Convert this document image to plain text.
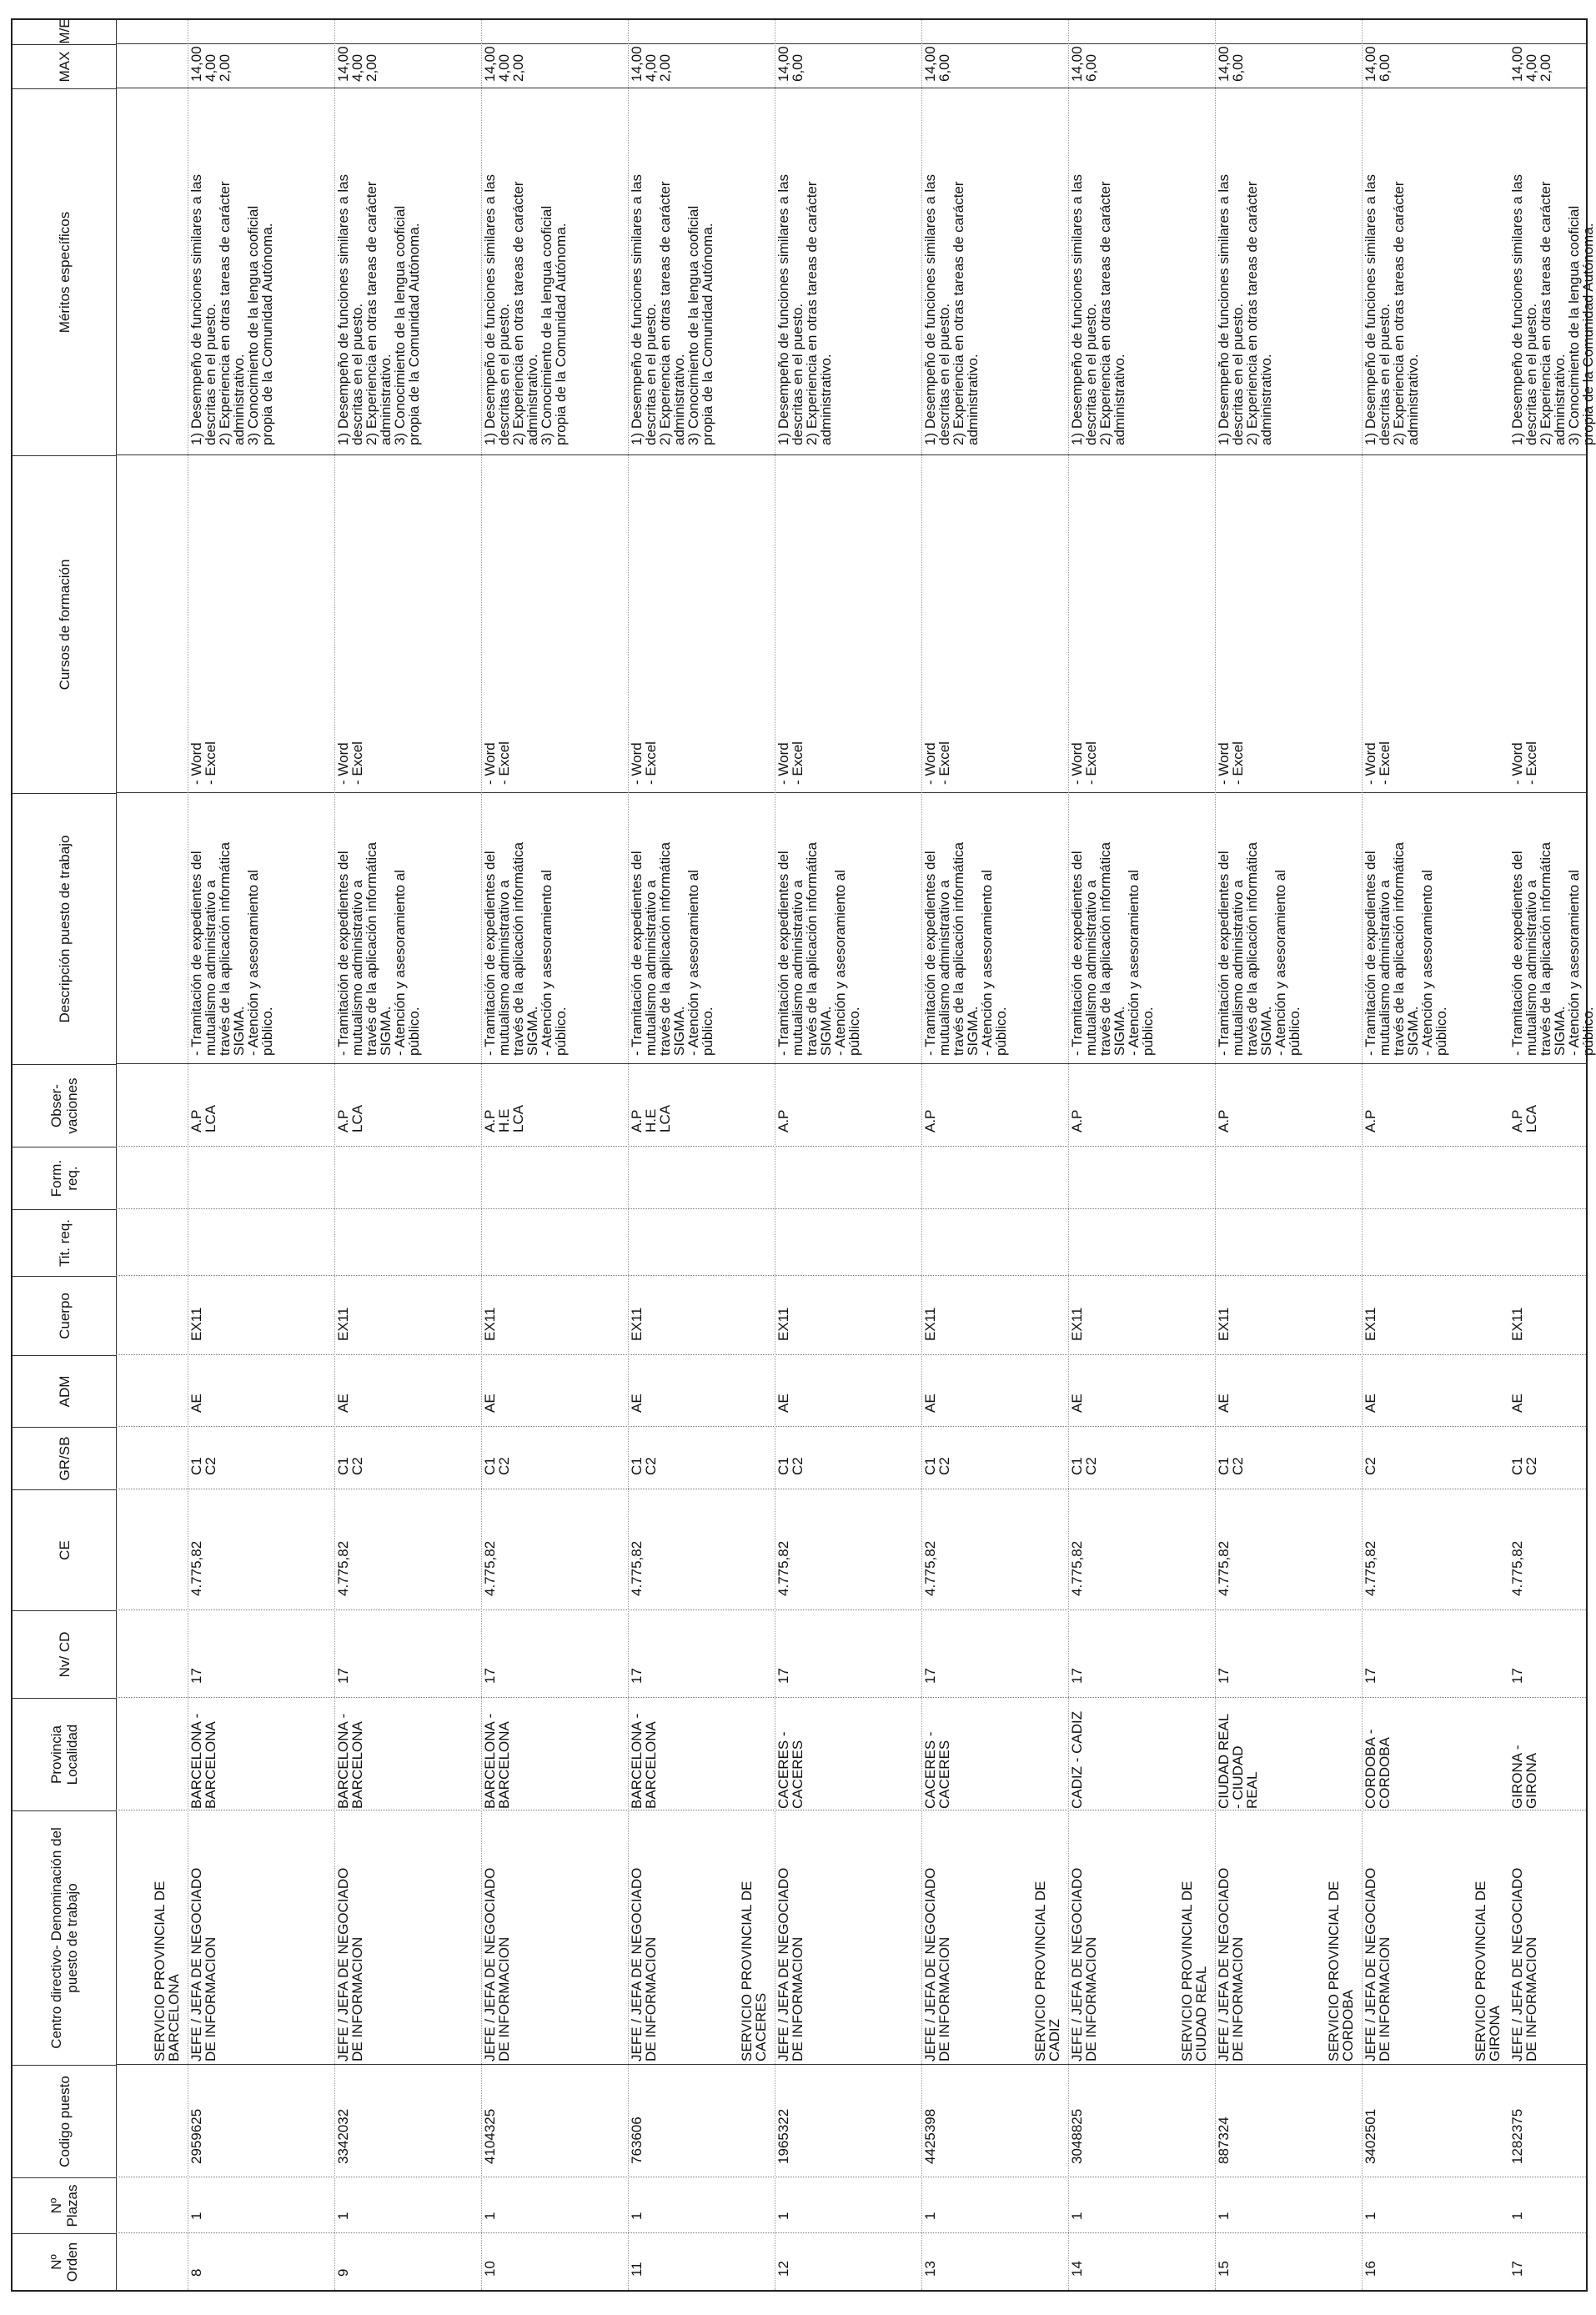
Nº Orden
Nº Plazas
Codigo puesto
Centro directivo- Denominación del puesto de trabajo
Provincia Localidad
Nv/ CD
CE
GR/SB
ADM
Cuerpo
Tit. req.
Form. req.
Obser- vaciones
Descripción puesto de trabajo
Cursos de formación
Méritos específicos
MAX
M/E
SERVICIO PROVINCIAL DE
BARCELONA
8
1
2959625
JEFE / JEFA DE NEGOCIADO
DE INFORMACION
BARCELONA -
BARCELONA
17
4.775,82
C1
C2
AE
EX11
A.P
LCA
- Tramitación de expedientes del
mutualismo administrativo a
través de la aplicación informática
SIGMA.
- Atención y asesoramiento al
público.
- Word
- Excel
1) Desempeño de funciones similares a las
descritas en el puesto.
2) Experiencia en otras tareas de carácter
administrativo.
3) Conocimiento de la lengua cooficial
propia de la Comunidad Autónoma.
14,00
4,00
2,00
9
1
3342032
JEFE / JEFA DE NEGOCIADO
DE INFORMACION
BARCELONA -
BARCELONA
17
4.775,82
C1
C2
AE
EX11
A.P
LCA
- Tramitación de expedientes del
mutualismo administrativo a
través de la aplicación informática
SIGMA.
- Atención y asesoramiento al
público.
- Word
- Excel
1) Desempeño de funciones similares a las
descritas en el puesto.
2) Experiencia en otras tareas de carácter
administrativo.
3) Conocimiento de la lengua cooficial
propia de la Comunidad Autónoma.
14,00
4,00
2,00
10
1
4104325
JEFE / JEFA DE NEGOCIADO
DE INFORMACION
BARCELONA -
BARCELONA
17
4.775,82
C1
C2
AE
EX11
A.P
H.E
LCA
- Tramitación de expedientes del
mutualismo administrativo a
través de la aplicación informática
SIGMA.
- Atención y asesoramiento al
público.
- Word
- Excel
1) Desempeño de funciones similares a las
descritas en el puesto.
2) Experiencia en otras tareas de carácter
administrativo.
3) Conocimiento de la lengua cooficial
propia de la Comunidad Autónoma.
14,00
4,00
2,00
11
1
763606
JEFE / JEFA DE NEGOCIADO
DE INFORMACION
BARCELONA -
BARCELONA
17
4.775,82
C1
C2
AE
EX11
A.P
H.E
LCA
- Tramitación de expedientes del
mutualismo administrativo a
través de la aplicación informática
SIGMA.
- Atención y asesoramiento al
público.
- Word
- Excel
1) Desempeño de funciones similares a las
descritas en el puesto.
2) Experiencia en otras tareas de carácter
administrativo.
3) Conocimiento de la lengua cooficial
propia de la Comunidad Autónoma.
14,00
4,00
2,00
SERVICIO PROVINCIAL DE
CACERES
12
1
1965322
JEFE / JEFA DE NEGOCIADO
DE INFORMACION
CACERES -
CACERES
17
4.775,82
C1
C2
AE
EX11
A.P
- Tramitación de expedientes del
mutualismo administrativo a
través de la aplicación informática
SIGMA.
- Atención y asesoramiento al
público.
- Word
- Excel
1) Desempeño de funciones similares a las
descritas en el puesto.
2) Experiencia en otras tareas de carácter
administrativo.
14,00
6,00
13
1
4425398
JEFE / JEFA DE NEGOCIADO
DE INFORMACION
CACERES -
CACERES
17
4.775,82
C1
C2
AE
EX11
A.P
- Tramitación de expedientes del
mutualismo administrativo a
través de la aplicación informática
SIGMA.
- Atención y asesoramiento al
público.
- Word
- Excel
1) Desempeño de funciones similares a las
descritas en el puesto.
2) Experiencia en otras tareas de carácter
administrativo.
14,00
6,00
SERVICIO PROVINCIAL DE
CADIZ
14
1
3048825
JEFE / JEFA DE NEGOCIADO
DE INFORMACION
CADIZ - CADIZ
17
4.775,82
C1
C2
AE
EX11
A.P
- Tramitación de expedientes del
mutualismo administrativo a
través de la aplicación informática
SIGMA.
- Atención y asesoramiento al
público.
- Word
- Excel
1) Desempeño de funciones similares a las
descritas en el puesto.
2) Experiencia en otras tareas de carácter
administrativo.
14,00
6,00
SERVICIO PROVINCIAL DE
CIUDAD REAL
15
1
887324
JEFE / JEFA DE NEGOCIADO
DE INFORMACION
CIUDAD REAL
- CIUDAD
REAL
17
4.775,82
C1
C2
AE
EX11
A.P
- Tramitación de expedientes del
mutualismo administrativo a
través de la aplicación informática
SIGMA.
- Atención y asesoramiento al
público.
- Word
- Excel
1) Desempeño de funciones similares a las
descritas en el puesto.
2) Experiencia en otras tareas de carácter
administrativo.
14,00
6,00
SERVICIO PROVINCIAL DE
CORDOBA
16
1
3402501
JEFE / JEFA DE NEGOCIADO
DE INFORMACION
CORDOBA -
CORDOBA
17
4.775,82
C2
AE
EX11
A.P
- Tramitación de expedientes del
mutualismo administrativo a
través de la aplicación informática
SIGMA.
- Atención y asesoramiento al
público.
- Word
- Excel
1) Desempeño de funciones similares a las
descritas en el puesto.
2) Experiencia en otras tareas de carácter
administrativo.
14,00
6,00
SERVICIO PROVINCIAL DE
GIRONA
17
1
1282375
JEFE / JEFA DE NEGOCIADO
DE INFORMACION
GIRONA -
GIRONA
17
4.775,82
C1
C2
AE
EX11
A.P
LCA
- Tramitación de expedientes del
mutualismo administrativo a
través de la aplicación informática
SIGMA.
- Atención y asesoramiento al
público.
- Word
- Excel
1) Desempeño de funciones similares a las
descritas en el puesto.
2) Experiencia en otras tareas de carácter
administrativo.
3) Conocimiento de la lengua cooficial
propia de la Comunidad Autónoma.
14,00
4,00
2,00
